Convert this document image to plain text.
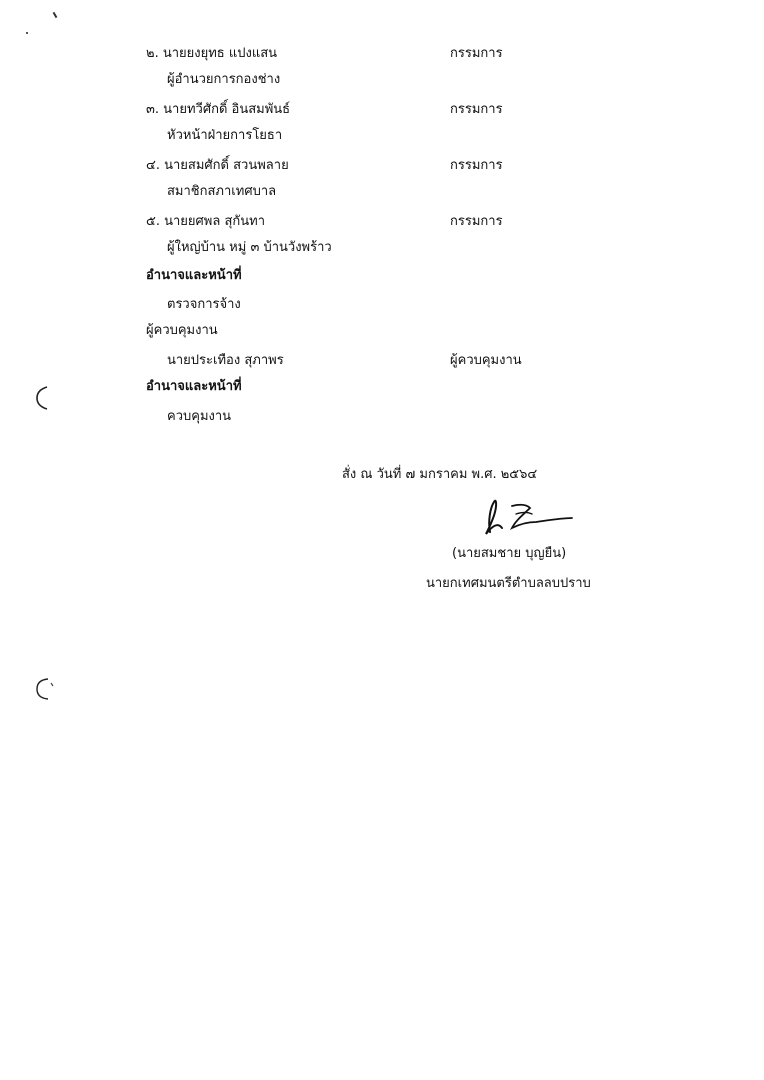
๒. นายยงยุทธ แปงแสน	กรรมการ
ผู้อำนวยการกองช่าง
๓. นายทวีศักดิ์ อินสมพันธ์	กรรมการ
หัวหน้าฝ่ายการโยธา
๔. นายสมศักดิ์ สวนพลาย	กรรมการ
สมาชิกสภาเทศบาล
๕. นายยศพล สุกันทา	กรรมการ
ผู้ใหญ่บ้าน หมู่ ๓ บ้านวังพร้าว
อำนาจและหน้าที่
ตรวจการจ้าง
ผู้ควบคุมงาน
นายประเทือง สุภาพร	ผู้ควบคุมงาน
อำนาจและหน้าที่
ควบคุมงาน
สั่ง ณ วันที่ ๗ มกราคม พ.ศ. ๒๕๖๔
(นายสมชาย บุญยืน)
นายกเทศมนตรีตำบลลบปราบ
